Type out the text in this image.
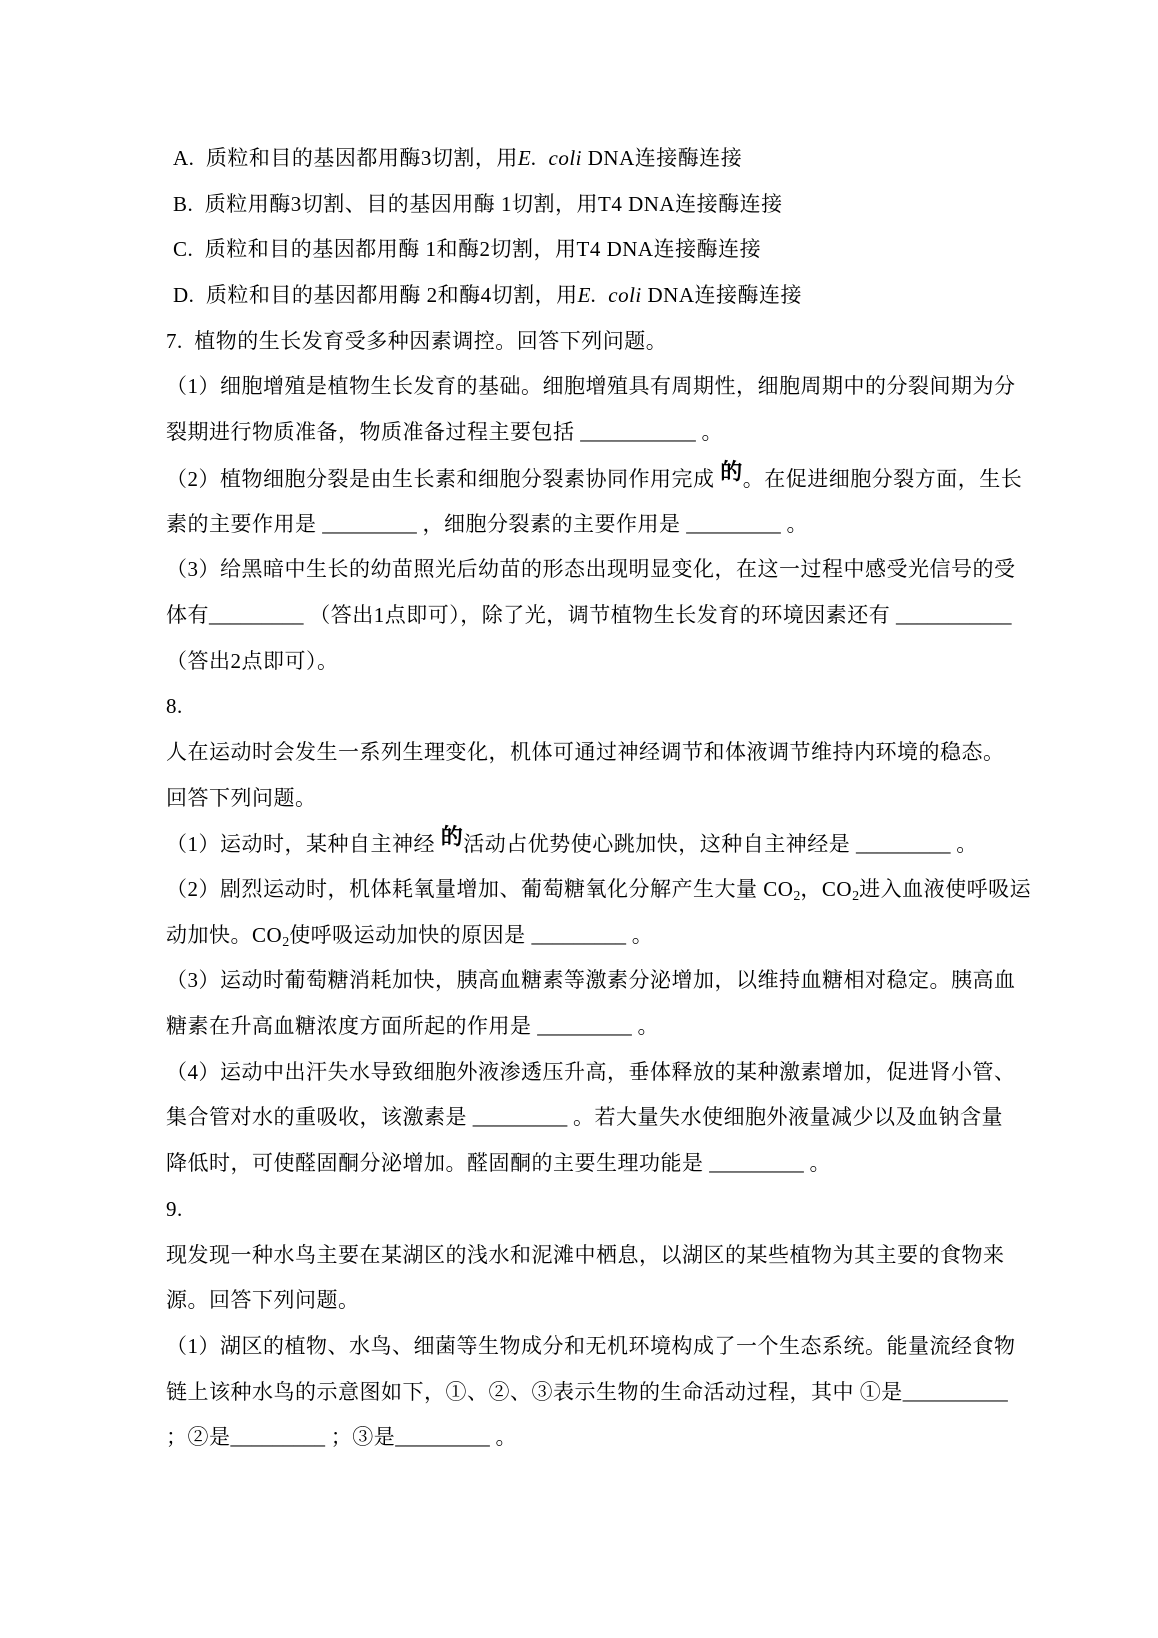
A.  质粒和目的基因都用酶3切割，用E.  coli DNA连接酶连接
B.  质粒用酶3切割、目的基因用酶 1切割，用T4 DNA连接酶连接
C.  质粒和目的基因都用酶 1和酶2切割，用T4 DNA连接酶连接
D.  质粒和目的基因都用酶 2和酶4切割，用E.  coli DNA连接酶连接
7.  植物的生长发育受多种因素调控。回答下列问题。
（1）细胞增殖是植物生长发育的基础。细胞增殖具有周期性，细胞周期中的分裂间期为分
裂期进行物质准备，物质准备过程主要包括 ___________ 。
（2）植物细胞分裂是由生长素和细胞分裂素协同作用完成 的。在促进细胞分裂方面，生长
素的主要作用是 _________ ，细胞分裂素的主要作用是 _________ 。
（3）给黑暗中生长的幼苗照光后幼苗的形态出现明显变化，在这一过程中感受光信号的受
体有_________ （答出1点即可），除了光，调节植物生长发育的环境因素还有 ___________
（答出2点即可）。
8.
人在运动时会发生一系列生理变化，机体可通过神经调节和体液调节维持内环境的稳态。
回答下列问题。
（1）运动时，某种自主神经 的活动占优势使心跳加快，这种自主神经是 _________ 。
（2）剧烈运动时，机体耗氧量增加、葡萄糖氧化分解产生大量 CO2，CO2进入血液使呼吸运
动加快。CO2使呼吸运动加快的原因是 _________ 。
（3）运动时葡萄糖消耗加快，胰高血糖素等激素分泌增加，以维持血糖相对稳定。胰高血
糖素在升高血糖浓度方面所起的作用是 _________ 。
（4）运动中出汗失水导致细胞外液渗透压升高，垂体释放的某种激素增加，促进肾小管、
集合管对水的重吸收，该激素是 _________ 。若大量失水使细胞外液量减少以及血钠含量
降低时，可使醛固酮分泌增加。醛固酮的主要生理功能是 _________ 。
9.
现发现一种水鸟主要在某湖区的浅水和泥滩中栖息，以湖区的某些植物为其主要的食物来
源。回答下列问题。
（1）湖区的植物、水鸟、细菌等生物成分和无机环境构成了一个生态系统。能量流经食物
链上该种水鸟的示意图如下，①、②、③表示生物的生命活动过程，其中 ①是__________
；②是_________ ；③是_________ 。
